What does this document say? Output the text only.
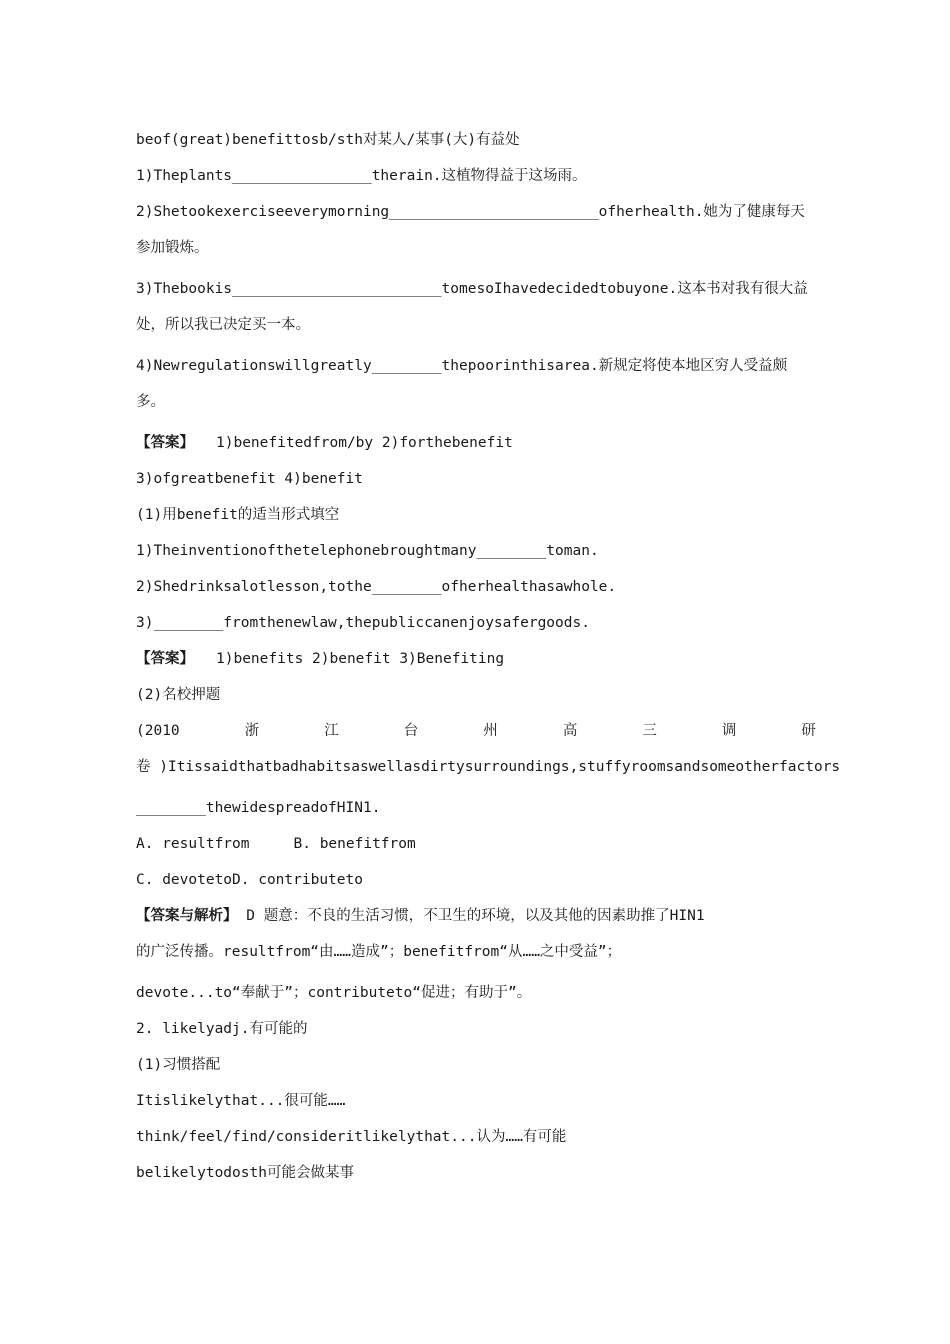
beof(great)benefittosb/sth对某人/某事(大)有益处
1)Theplants________________therain.这植物得益于这场雨。
2)Shetookexerciseeverymorning________________________ofherhealth.她为了健康每天
参加锻炼。
3)Thebookis________________________tomesoIhavedecidedtobuyone.这本书对我有很大益
处，所以我已决定买一本。
4)Newregulationswillgreatly________thepoorinthisarea.新规定将使本地区穷人受益颇
多。
【答案】 1)benefitedfrom/by 2)forthebenefit
3)ofgreatbenefit 4)benefit
(1)用benefit的适当形式填空
1)Theinventionofthetelephonebroughtmany________toman.
2)Shedrinksalotlesson,tothe________ofherhealthasawhole.
3)________fromthenewlaw,thepubliccanenjoysafergoods.
【答案】 1)benefits 2)benefit 3)Benefiting
(2)名校押题
(2010	浙	江	台	州	高	三	调	研
卷 )Itissaidthatbadhabitsaswellasdirtysurroundings,stuffyroomsandsomeotherfactors
________thewidespreadofHIN1.
A. resultfrom	B. benefitfrom
C. devotetoD. contributeto
【答案与解析】 D 题意：不良的生活习惯，不卫生的环境，以及其他的因素助推了HIN1
的广泛传播。resultfrom“由……造成”；benefitfrom“从……之中受益”；
devote...to“奉献于”；contributeto“促进；有助于”。
2. likelyadj.有可能的
(1)习惯搭配
Itislikelythat...很可能……
think/feel/find/consideritlikelythat...认为……有可能
belikelytodosth可能会做某事
